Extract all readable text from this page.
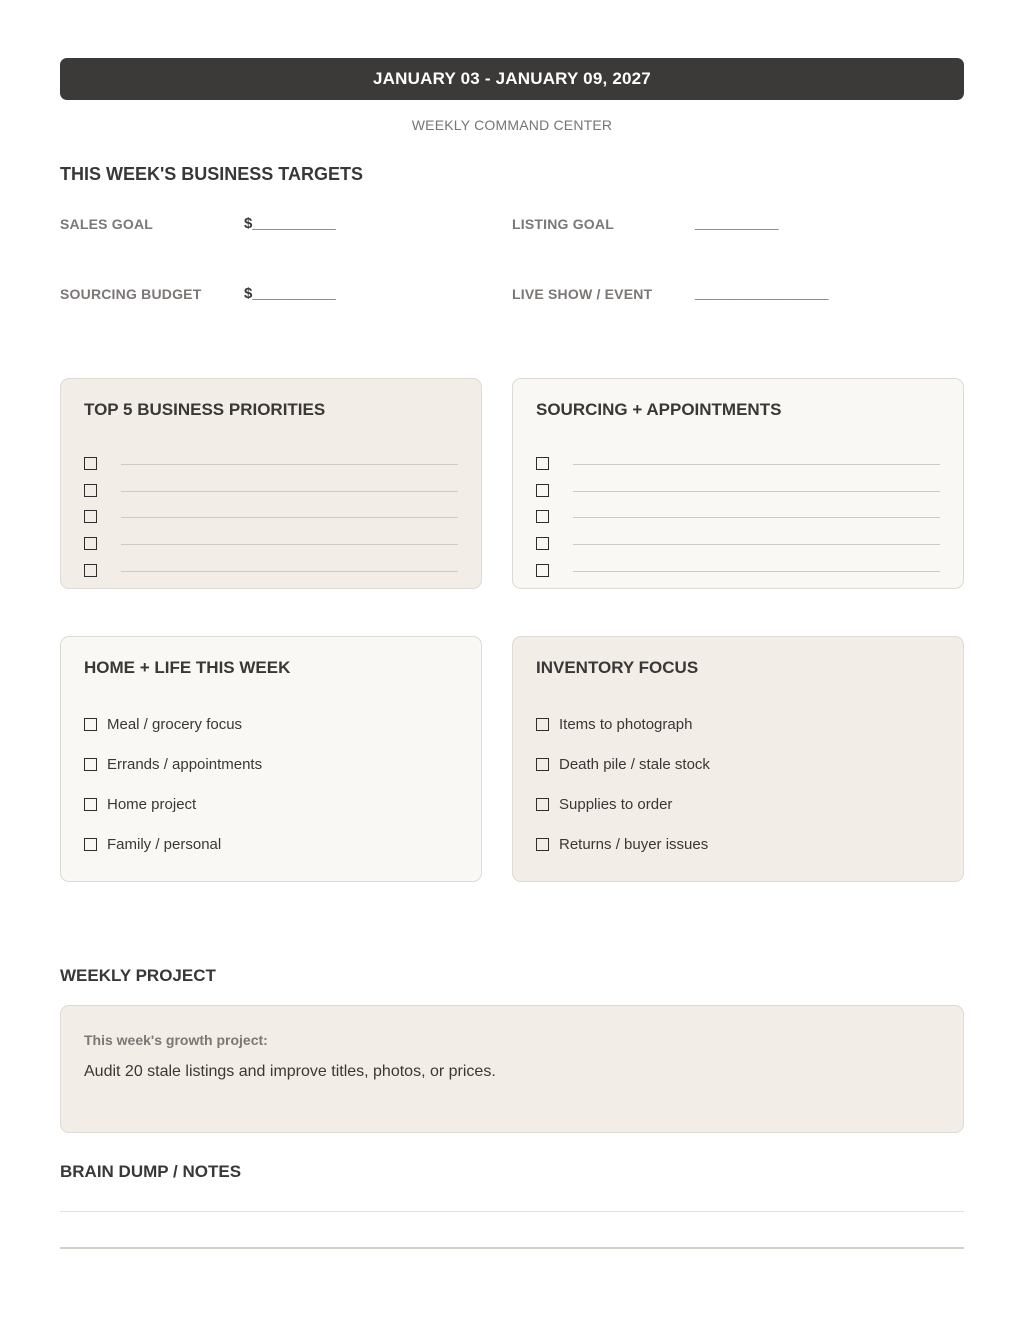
JANUARY 03 - JANUARY 09, 2027
WEEKLY COMMAND CENTER
THIS WEEK'S BUSINESS TARGETS
SALES GOAL	$__________	LISTING GOAL	__________
SOURCING BUDGET	$__________	LIVE SHOW / EVENT	________________
TOP 5 BUSINESS PRIORITIES	SOURCING + APPOINTMENTS
HOME + LIFE THIS WEEK
Meal / grocery focus
Errands / appointments
Home project
Family / personal
INVENTORY FOCUS
Items to photograph
Death pile / stale stock
Supplies to order
Returns / buyer issues
WEEKLY PROJECT
This week's growth project:
Audit 20 stale listings and improve titles, photos, or prices.
BRAIN DUMP / NOTES
